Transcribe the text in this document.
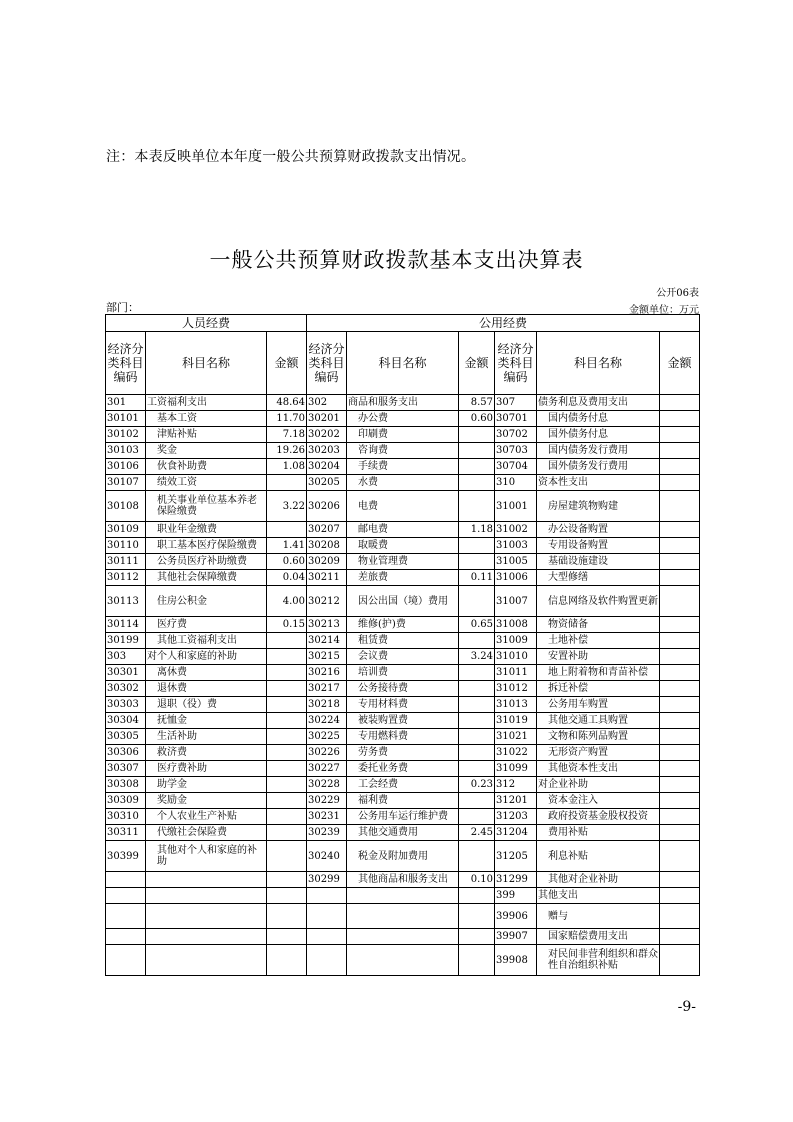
注：本表反映单位本年度一般公共预算财政拨款支出情况。
一般公共预算财政拨款基本支出决算表
公开06表
部门：	金额单位：万元
人员经费			公用经费					
经济分类科目编码	科目名称	金额	经济分类科目编码	科目名称	金额	经济分类科目编码	科目名称	金额
301	工资福利支出	48.64	302	商品和服务支出	8.57	307	债务利息及费用支出	
30101	基本工资	11.70	30201	办公费	0.60	30701	国内债务付息	
30102	津贴补贴	7.18	30202	印刷费		30702	国外债务付息	
30103	奖金	19.26	30203	咨询费		30703	国内债务发行费用	
30106	伙食补助费	1.08	30204	手续费		30704	国外债务发行费用	
30107	绩效工资		30205	水费		310	资本性支出	
30108	机关事业单位基本养老保险缴费	3.22	30206	电费		31001	房屋建筑物购建	
30109	职业年金缴费		30207	邮电费	1.18	31002	办公设备购置	
30110	职工基本医疗保险缴费	1.41	30208	取暖费		31003	专用设备购置	
30111	公务员医疗补助缴费	0.60	30209	物业管理费		31005	基础设施建设	
30112	其他社会保障缴费	0.04	30211	差旅费	0.11	31006	大型修缮	
30113	住房公积金	4.00	30212	因公出国（境）费用		31007	信息网络及软件购置更新	
30114	医疗费	0.15	30213	维修(护)费	0.65	31008	物资储备	
30199	其他工资福利支出		30214	租赁费		31009	土地补偿	
303	对个人和家庭的补助		30215	会议费	3.24	31010	安置补助	
30301	离休费		30216	培训费		31011	地上附着物和青苗补偿	
30302	退休费		30217	公务接待费		31012	拆迁补偿	
30303	退职（役）费		30218	专用材料费		31013	公务用车购置	
30304	抚恤金		30224	被装购置费		31019	其他交通工具购置	
30305	生活补助		30225	专用燃料费		31021	文物和陈列品购置	
30306	救济费		30226	劳务费		31022	无形资产购置	
30307	医疗费补助		30227	委托业务费		31099	其他资本性支出	
30308	助学金		30228	工会经费	0.23	312	对企业补助	
30309	奖励金		30229	福利费		31201	资本金注入	
30310	个人农业生产补贴		30231	公务用车运行维护费		31203	政府投资基金股权投资	
30311	代缴社会保险费		30239	其他交通费用	2.45	31204	费用补贴	
30399	其他对个人和家庭的补助		30240	税金及附加费用		31205	利息补贴	
			30299	其他商品和服务支出	0.10	31299	其他对企业补助	
						399	其他支出	
						39906	赠与	
						39907	国家赔偿费用支出	
						39908	对民间非营利组织和群众性自治组织补贴	
-9-
